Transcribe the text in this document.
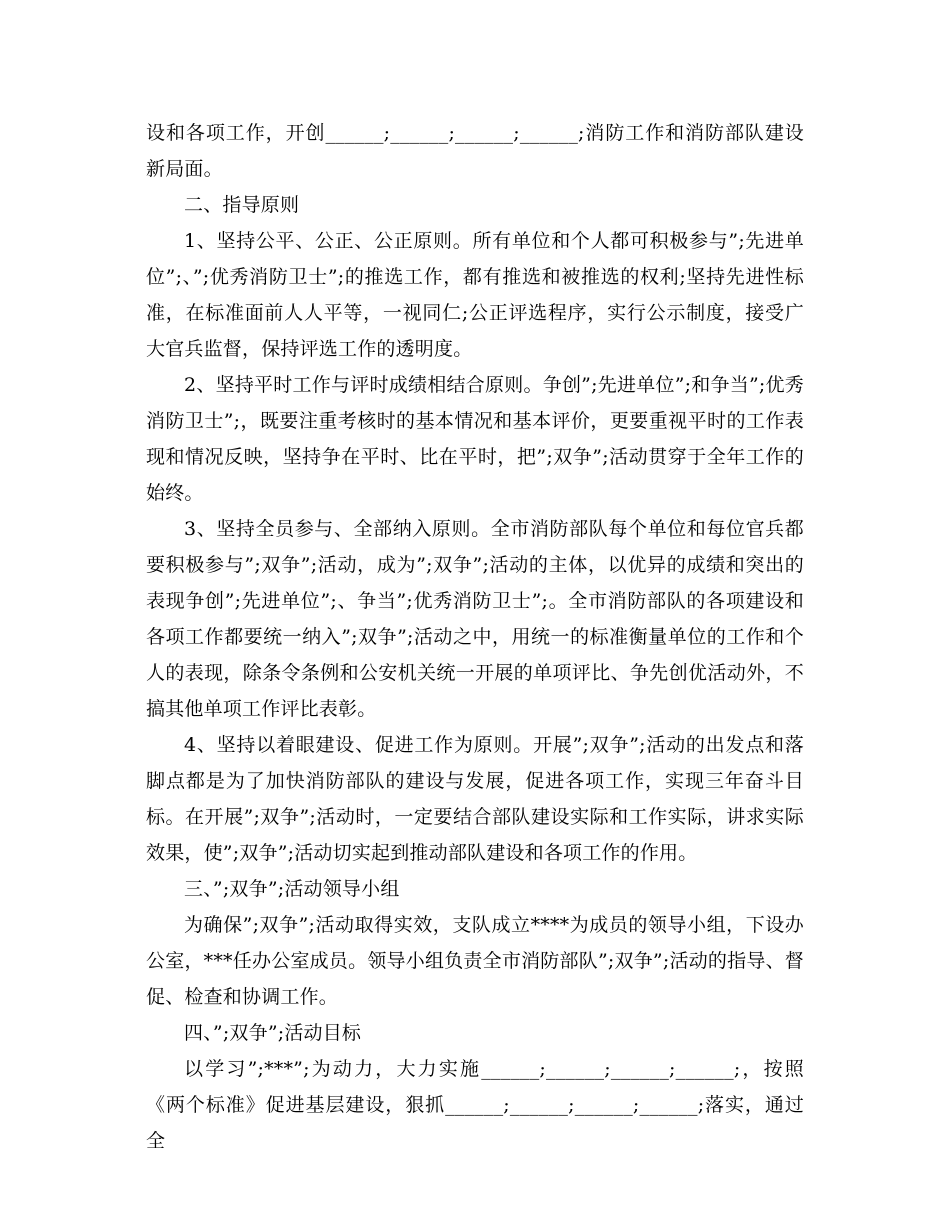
设和各项工作，开创______;______;______;______;消防工作和消防部队建设新局面。

二、指导原则

1、坚持公平、公正、公正原则。所有单位和个人都可积极参与”;先进单位”;、”;优秀消防卫士”;的推选工作，都有推选和被推选的权利;坚持先进性标准，在标准面前人人平等，一视同仁;公正评选程序，实行公示制度，接受广大官兵监督，保持评选工作的透明度。

2、坚持平时工作与评时成绩相结合原则。争创”;先进单位”;和争当”;优秀消防卫士”;，既要注重考核时的基本情况和基本评价，更要重视平时的工作表现和情况反映，坚持争在平时、比在平时，把”;双争”;活动贯穿于全年工作的始终。

3、坚持全员参与、全部纳入原则。全市消防部队每个单位和每位官兵都要积极参与”;双争”;活动，成为”;双争”;活动的主体，以优异的成绩和突出的表现争创”;先进单位”;、争当”;优秀消防卫士”;。全市消防部队的各项建设和各项工作都要统一纳入”;双争”;活动之中，用统一的标准衡量单位的工作和个人的表现，除条令条例和公安机关统一开展的单项评比、争先创优活动外，不搞其他单项工作评比表彰。

4、坚持以着眼建设、促进工作为原则。开展”;双争”;活动的出发点和落脚点都是为了加快消防部队的建设与发展，促进各项工作，实现三年奋斗目标。在开展”;双争”;活动时，一定要结合部队建设实际和工作实际，讲求实际效果，使”;双争”;活动切实起到推动部队建设和各项工作的作用。

三、”;双争”;活动领导小组

为确保”;双争”;活动取得实效，支队成立****为成员的领导小组，下设办公室，***任办公室成员。领导小组负责全市消防部队”;双争”;活动的指导、督促、检查和协调工作。

四、”;双争”;活动目标

以学习”;***”;为动力，大力实施______;______;______;______;，按照《两个标准》促进基层建设，狠抓______;______;______;______;落实，通过全
